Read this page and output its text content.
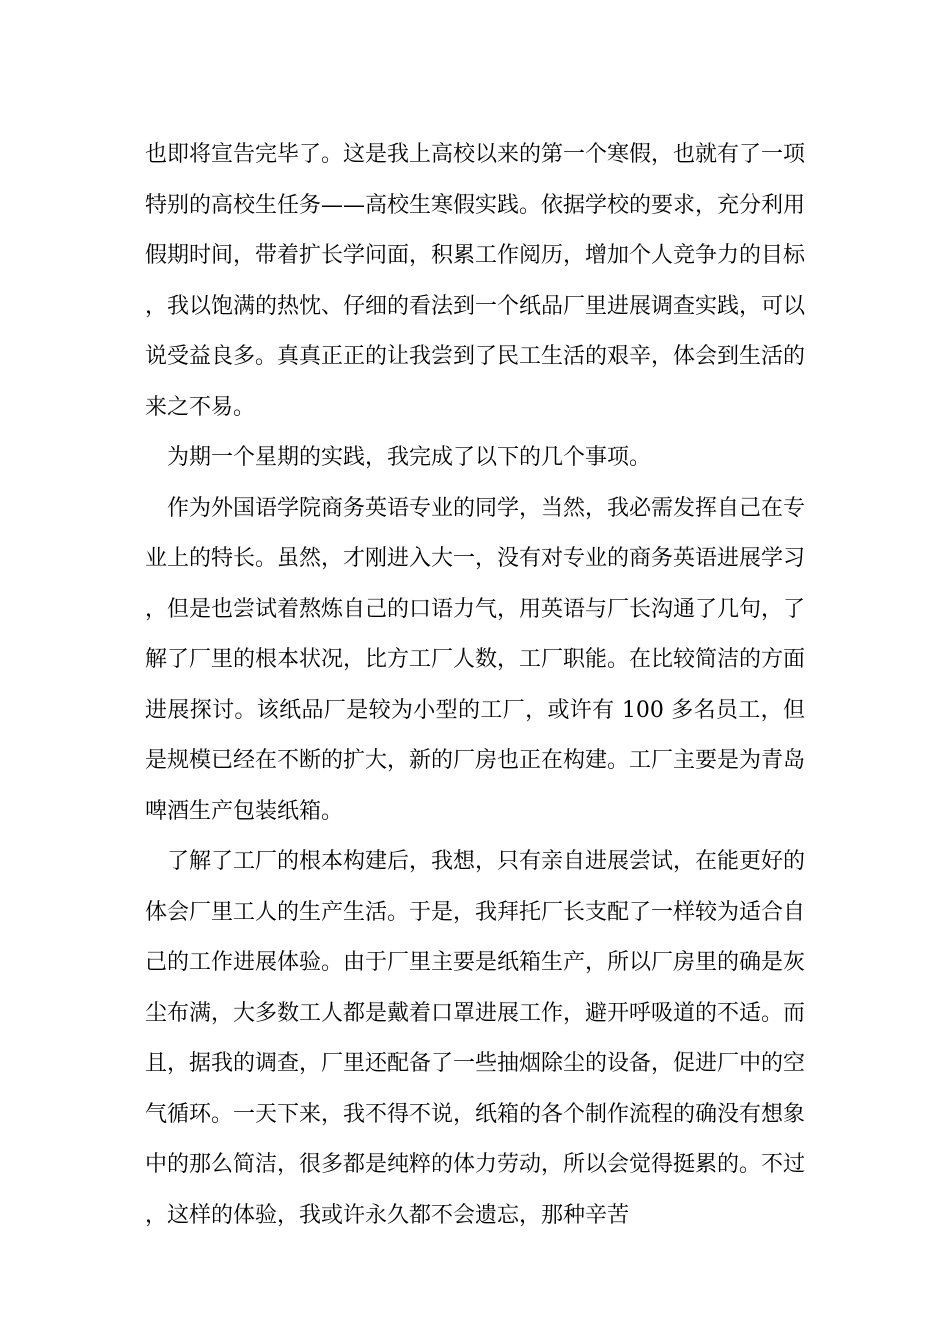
也即将宣告完毕了。这是我上高校以来的第一个寒假，也就有了一项特别的高校生任务——高校生寒假实践。依据学校的要求，充分利用假期时间，带着扩长学问面，积累工作阅历，增加个人竞争力的目标，我以饱满的热忱、仔细的看法到一个纸品厂里进展调查实践，可以说受益良多。真真正正的让我尝到了民工生活的艰辛，体会到生活的来之不易。

为期一个星期的实践，我完成了以下的几个事项。

作为外国语学院商务英语专业的同学，当然，我必需发挥自己在专业上的特长。虽然，才刚进入大一，没有对专业的商务英语进展学习，但是也尝试着熬炼自己的口语力气，用英语与厂长沟通了几句，了解了厂里的根本状况，比方工厂人数，工厂职能。在比较简洁的方面进展探讨。该纸品厂是较为小型的工厂，或许有 100 多名员工，但是规模已经在不断的扩大，新的厂房也正在构建。工厂主要是为青岛啤酒生产包装纸箱。

了解了工厂的根本构建后，我想，只有亲自进展尝试，在能更好的体会厂里工人的生产生活。于是，我拜托厂长支配了一样较为适合自己的工作进展体验。由于厂里主要是纸箱生产，所以厂房里的确是灰尘布满，大多数工人都是戴着口罩进展工作，避开呼吸道的不适。而且，据我的调查，厂里还配备了一些抽烟除尘的设备，促进厂中的空气循环。一天下来，我不得不说，纸箱的各个制作流程的确没有想象中的那么简洁，很多都是纯粹的体力劳动，所以会觉得挺累的。不过，这样的体验，我或许永久都不会遗忘，那种辛苦
